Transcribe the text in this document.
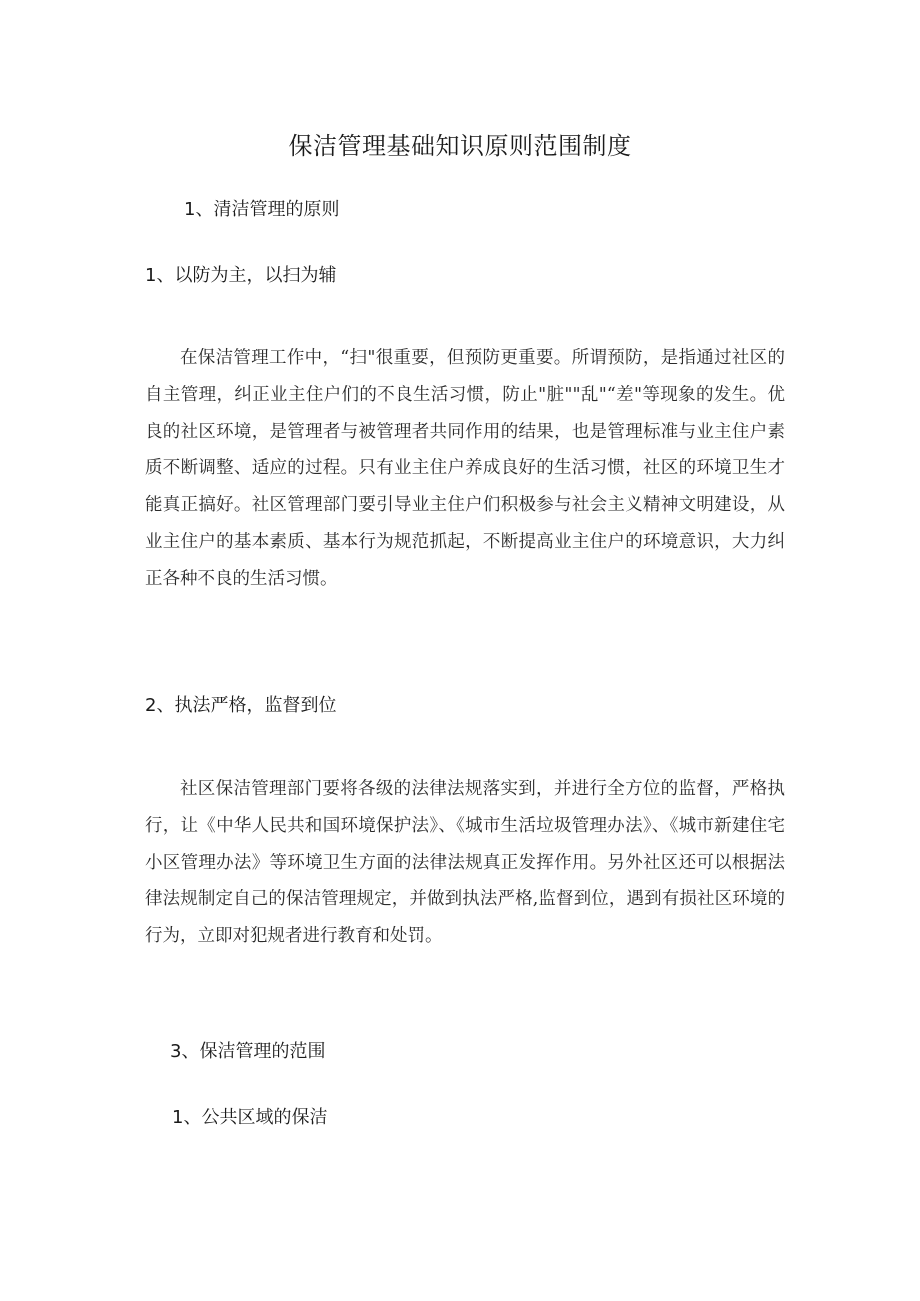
保洁管理基础知识原则范围制度
1、清洁管理的原则
1、以防为主，以扫为辅

在保洁管理工作中，“扫"很重要，但预防更重要。所谓预防，是指通过社区的自主管理，纠正业主住户们的不良生活习惯，防止"脏""乱"“差"等现象的发生。优良的社区环境，是管理者与被管理者共同作用的结果，也是管理标准与业主住户素质不断调整、适应的过程。只有业主住户养成良好的生活习惯，社区的环境卫生才能真正搞好。社区管理部门要引导业主住户们积极参与社会主义精神文明建设，从业主住户的基本素质、基本行为规范抓起，不断提高业主住户的环境意识，大力纠正各种不良的生活习惯。

2、执法严格，监督到位

社区保洁管理部门要将各级的法律法规落实到，并进行全方位的监督，严格执行，让《中华人民共和国环境保护法》、《城市生活垃圾管理办法》、《城市新建住宅小区管理办法》等环境卫生方面的法律法规真正发挥作用。另外社区还可以根据法律法规制定自己的保洁管理规定，并做到执法严格,监督到位，遇到有损社区环境的行为，立即对犯规者进行教育和处罚。

3、保洁管理的范围
1、公共区域的保洁
